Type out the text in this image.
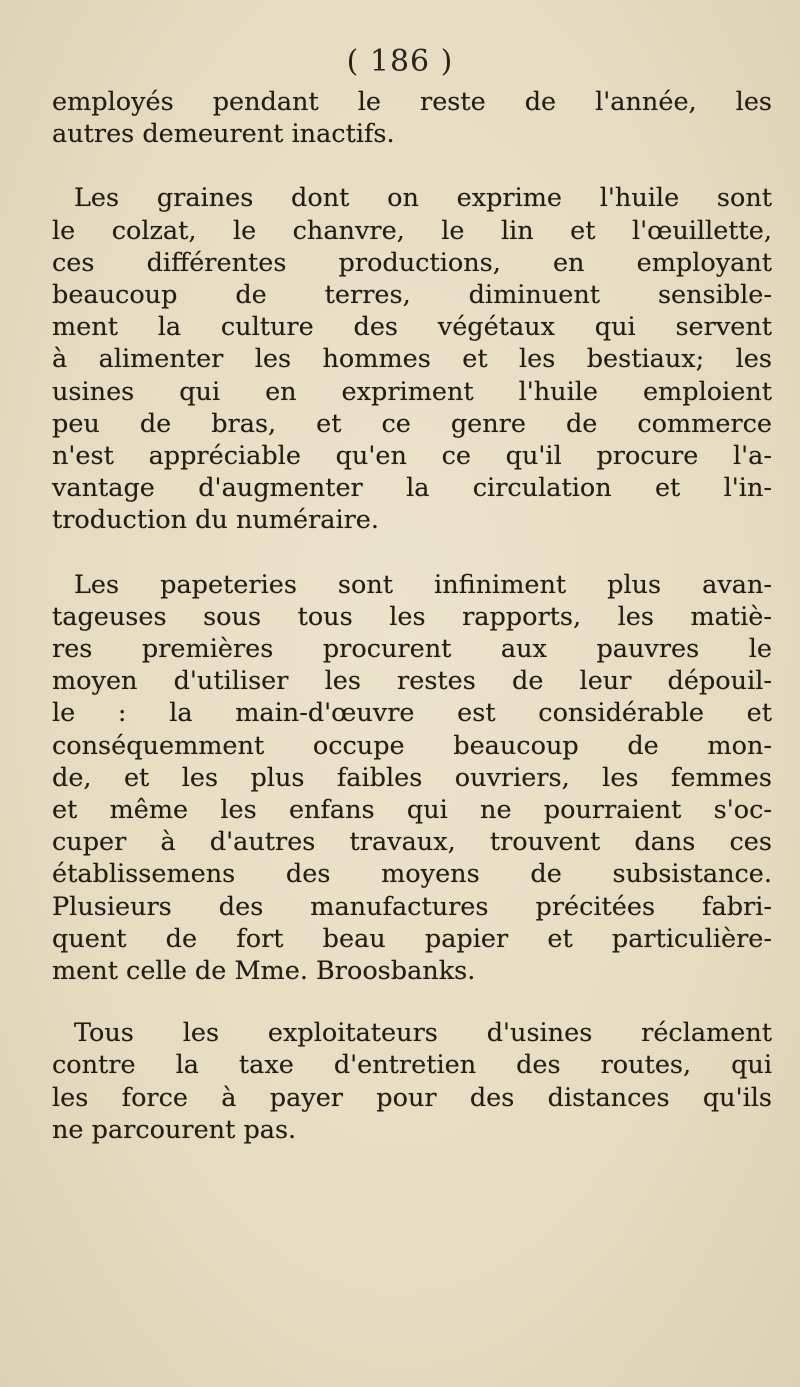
( 186 )
employés pendant le reste de l'année, les
autres demeurent inactifs.
Les graines dont on exprime l'huile sont
le colzat, le chanvre, le lin et l'œuillette,
ces différentes productions, en employant
beaucoup de terres, diminuent sensible-
ment la culture des végétaux qui servent
à alimenter les hommes et les bestiaux; les
usines qui en expriment l'huile emploient
peu de bras, et ce genre de commerce
n'est appréciable qu'en ce qu'il procure l'a-
vantage d'augmenter la circulation et l'in-
troduction du numéraire.
Les papeteries sont infiniment plus avan-
tageuses sous tous les rapports, les matiè-
res premières procurent aux pauvres le
moyen d'utiliser les restes de leur dépouil-
le : la main-d'œuvre est considérable et
conséquemment occupe beaucoup de mon-
de, et les plus faibles ouvriers, les femmes
et même les enfans qui ne pourraient s'oc-
cuper à d'autres travaux, trouvent dans ces
établissemens des moyens de subsistance.
Plusieurs des manufactures précitées fabri-
quent de fort beau papier et particulière-
ment celle de Mme. Broosbanks.
Tous les exploitateurs d'usines réclament
contre la taxe d'entretien des routes, qui
les force à payer pour des distances qu'ils
ne parcourent pas.
